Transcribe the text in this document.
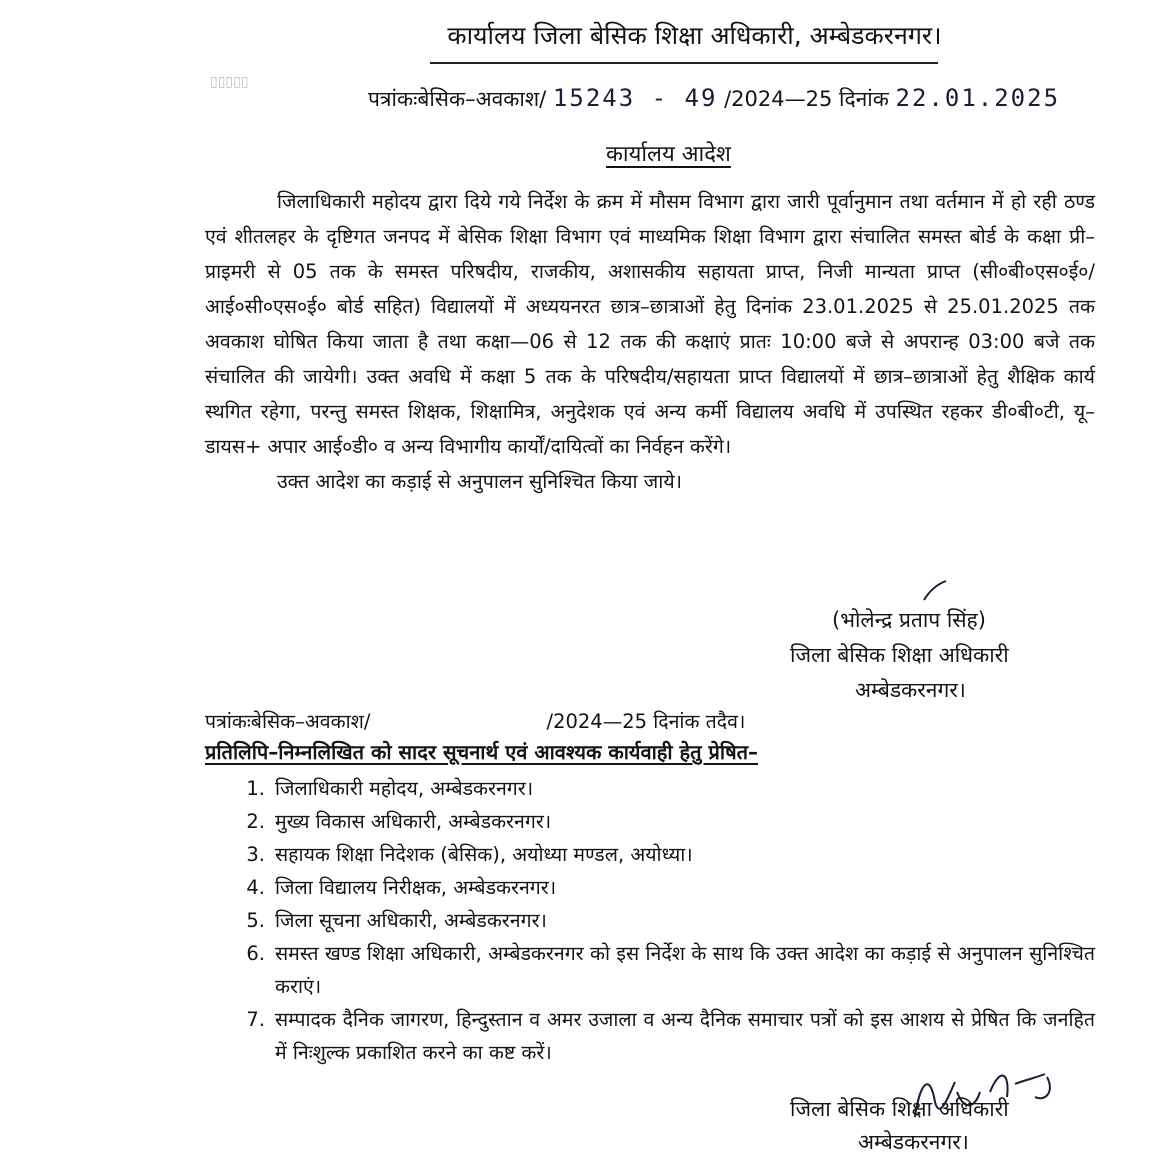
कार्यालय जिला बेसिक शिक्षा अधिकारी, अम्बेडकरनगर।
▯▯▯▯▯
पत्रांकःबेसिक–अवकाश/ 15243 - 49 /2024—25 दिनांक 22.01.2025
कार्यालय आदेश

जिलाधिकारी महोदय द्वारा दिये गये निर्देश के क्रम में मौसम विभाग द्वारा जारी पूर्वानुमान तथा वर्तमान में हो रही ठण्ड एवं शीतलहर के दृष्टिगत जनपद में बेसिक शिक्षा विभाग एवं माध्यमिक शिक्षा विभाग द्वारा संचालित समस्त बोर्ड के कक्षा प्री–प्राइमरी से 05 तक के समस्त परिषदीय, राजकीय, अशासकीय सहायता प्राप्त, निजी मान्यता प्राप्त (सी०बी०एस०ई०/आई०सी०एस०ई० बोर्ड सहित) विद्यालयों में अध्ययनरत छात्र–छात्राओं हेतु दिनांक 23.01.2025 से 25.01.2025 तक अवकाश घोषित किया जाता है तथा कक्षा—06 से 12 तक की कक्षाएं प्रातः 10:00 बजे से अपरान्ह 03:00 बजे तक संचालित की जायेगी। उक्त अवधि में कक्षा 5 तक के परिषदीय/सहायता प्राप्त विद्यालयों में छात्र–छात्राओं हेतु शैक्षिक कार्य स्थगित रहेगा, परन्तु समस्त शिक्षक, शिक्षामित्र, अनुदेशक एवं अन्य कर्मी विद्यालय अवधि में उपस्थित रहकर डी०बी०टी, यू–डायस+ अपार आई०डी० व अन्य विभागीय कार्यों/दायित्वों का निर्वहन करेंगे।

उक्त आदेश का कड़ाई से अनुपालन सुनिश्चित किया जाये।

(भोलेन्द्र प्रताप सिंह)
जिला बेसिक शिक्षा अधिकारी
अम्बेडकरनगर।
पत्रांकःबेसिक–अवकाश/	/2024—25 दिनांक तदैव।
प्रतिलिपि–निम्नलिखित को सादर सूचनार्थ एवं आवश्यक कार्यवाही हेतु प्रेषित–
1. जिलाधिकारी महोदय, अम्बेडकरनगर।
2. मुख्य विकास अधिकारी, अम्बेडकरनगर।
3. सहायक शिक्षा निदेशक (बेसिक), अयोध्या मण्डल, अयोध्या।
4. जिला विद्यालय निरीक्षक, अम्बेडकरनगर।
5. जिला सूचना अधिकारी, अम्बेडकरनगर।
6. समस्त खण्ड शिक्षा अधिकारी, अम्बेडकरनगर को इस निर्देश के साथ कि उक्त आदेश का कड़ाई से अनुपालन सुनिश्चित कराएं।
7. सम्पादक दैनिक जागरण, हिन्दुस्तान व अमर उजाला व अन्य दैनिक समाचार पत्रों को इस आशय से प्रेषित कि जनहित में निःशुल्क प्रकाशित करने का कष्ट करें।
जिला बेसिक शिक्षा अधिकारी
अम्बेडकरनगर।
